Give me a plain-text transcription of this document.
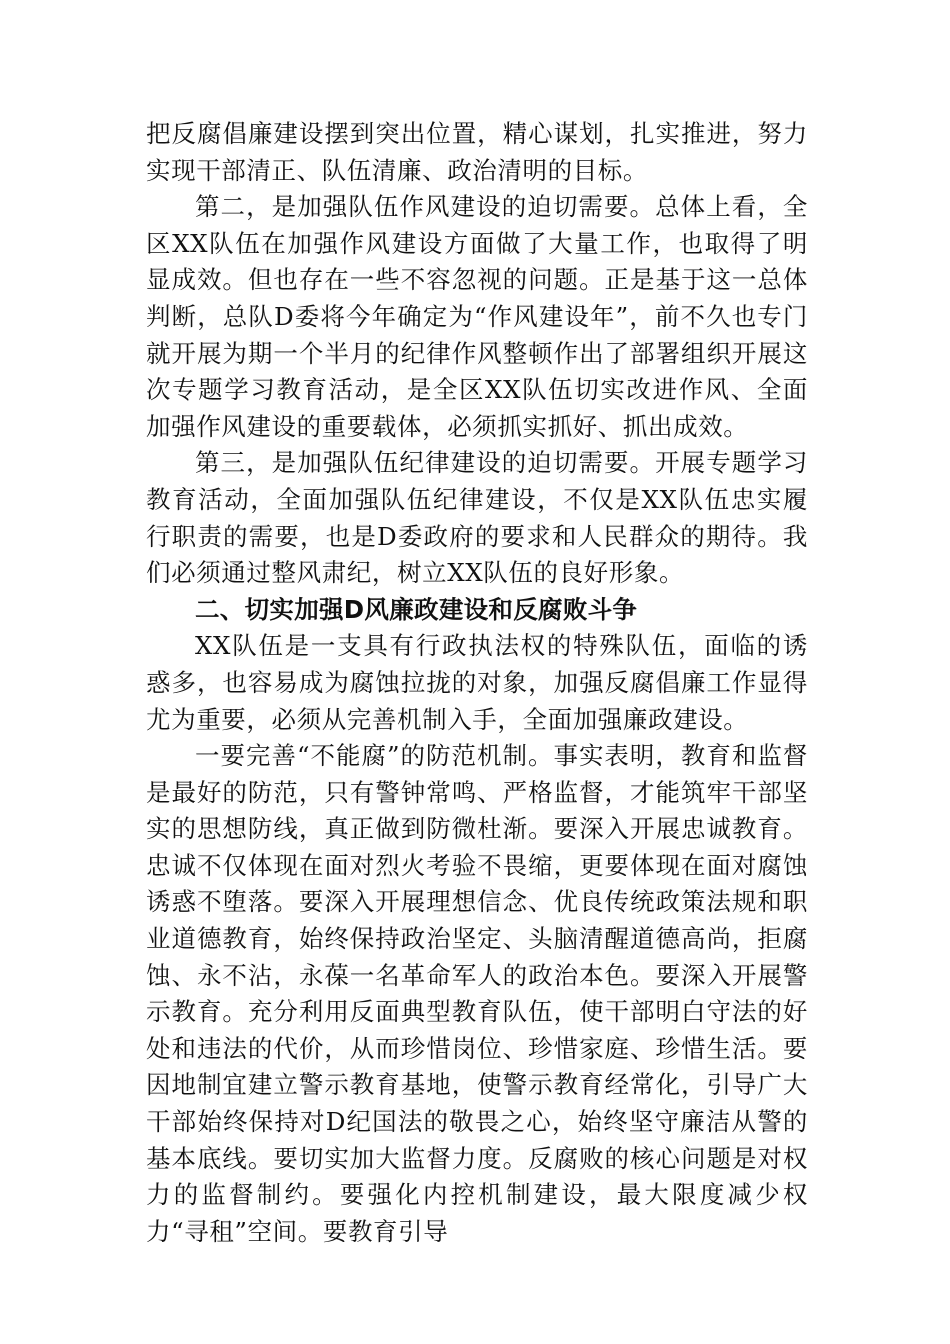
把反腐倡廉建设摆到突出位置，精心谋划，扎实推进，努力实现干部清正、队伍清廉、政治清明的目标。

第二，是加强队伍作风建设的迫切需要。总体上看，全区XX队伍在加强作风建设方面做了大量工作，也取得了明显成效。但也存在一些不容忽视的问题。正是基于这一总体判断，总队D委将今年确定为“作风建设年”，前不久也专门就开展为期一个半月的纪律作风整顿作出了部署组织开展这次专题学习教育活动，是全区XX队伍切实改进作风、全面加强作风建设的重要载体，必须抓实抓好、抓出成效。

第三，是加强队伍纪律建设的迫切需要。开展专题学习教育活动，全面加强队伍纪律建设，不仅是XX队伍忠实履行职责的需要，也是D委政府的要求和人民群众的期待。我们必须通过整风肃纪，树立XX队伍的良好形象。

二、切实加强D风廉政建设和反腐败斗争

XX队伍是一支具有行政执法权的特殊队伍，面临的诱惑多，也容易成为腐蚀拉拢的对象，加强反腐倡廉工作显得尤为重要，必须从完善机制入手，全面加强廉政建设。

一要完善“不能腐”的防范机制。事实表明，教育和监督是最好的防范，只有警钟常鸣、严格监督，才能筑牢干部坚实的思想防线，真正做到防微杜渐。要深入开展忠诚教育。忠诚不仅体现在面对烈火考验不畏缩，更要体现在面对腐蚀诱惑不堕落。要深入开展理想信念、优良传统政策法规和职业道德教育，始终保持政治坚定、头脑清醒道德高尚，拒腐蚀、永不沾，永葆一名革命军人的政治本色。要深入开展警示教育。充分利用反面典型教育队伍，使干部明白守法的好处和违法的代价，从而珍惜岗位、珍惜家庭、珍惜生活。要因地制宜建立警示教育基地，使警示教育经常化，引导广大干部始终保持对D纪国法的敬畏之心，始终坚守廉洁从警的基本底线。要切实加大监督力度。反腐败的核心问题是对权力的监督制约。要强化内控机制建设，最大限度减少权力“寻租”空间。要教育引导
